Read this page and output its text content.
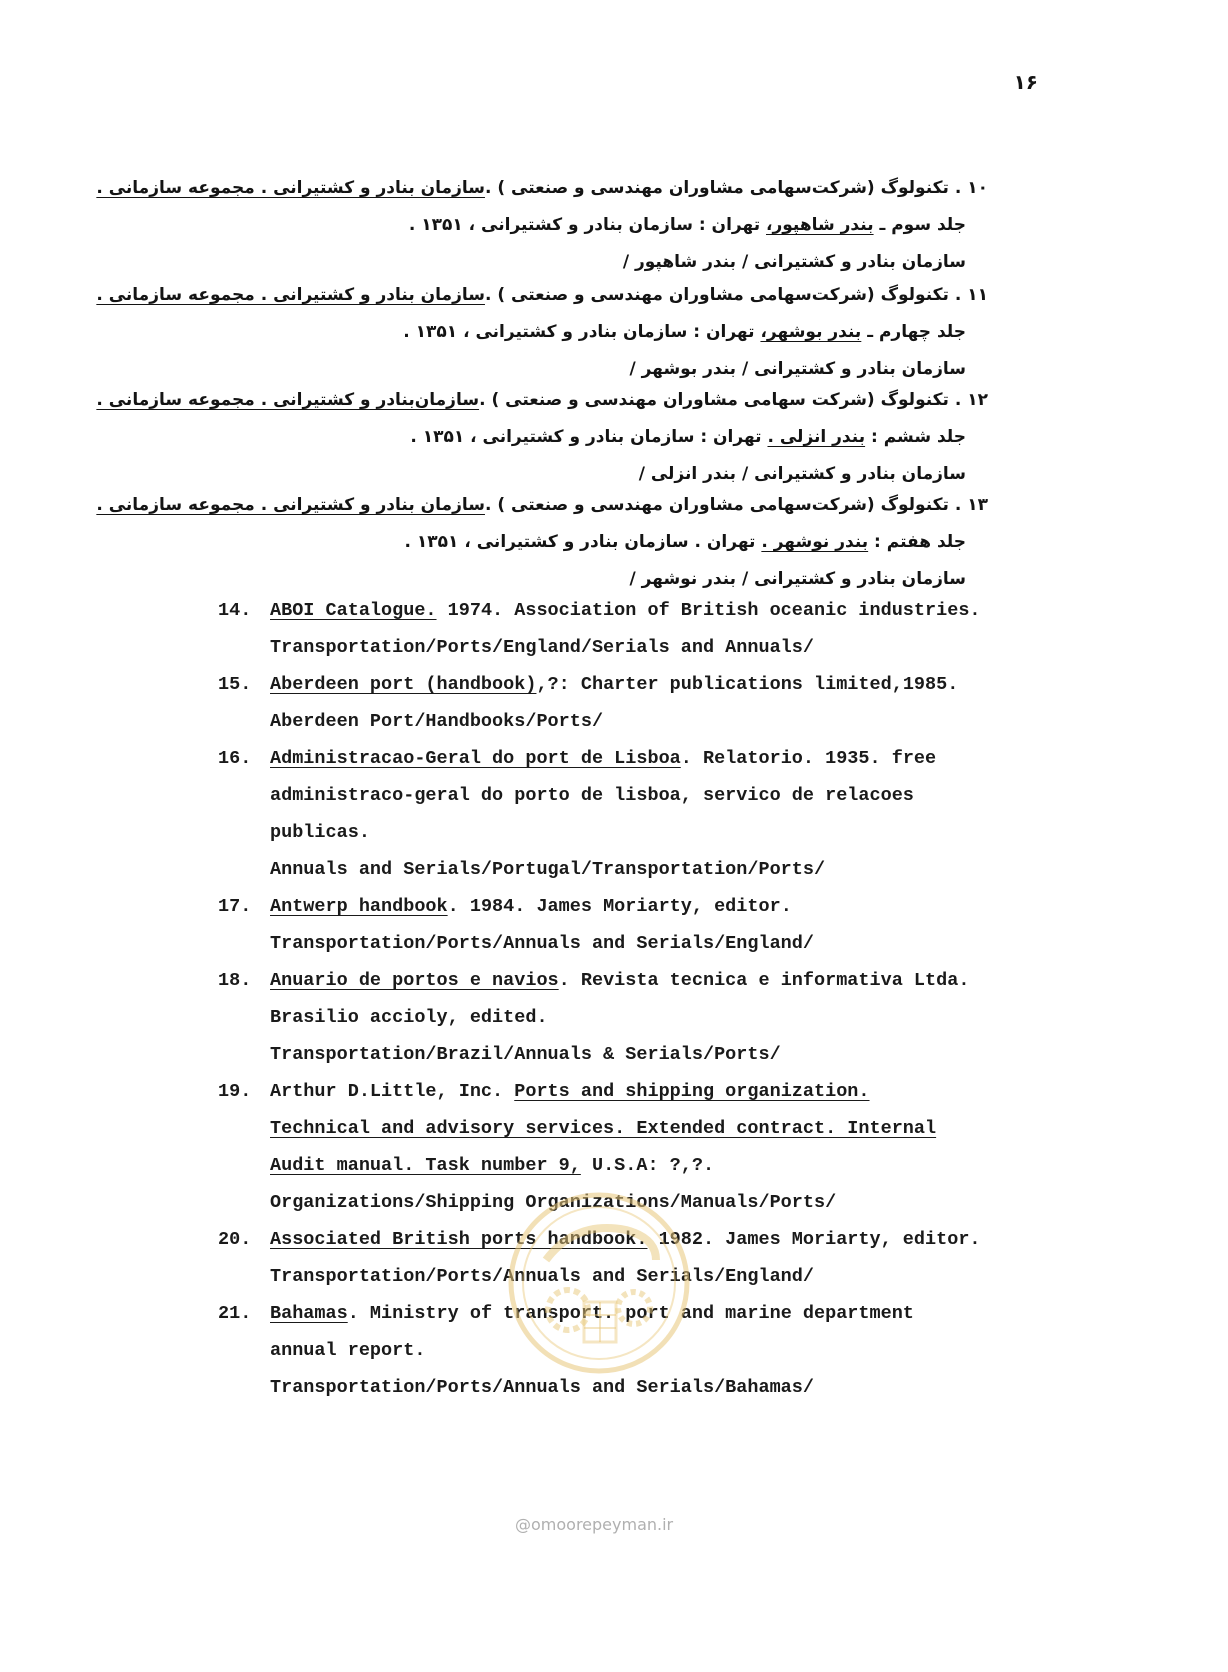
۱۶
۱۰ . تکنولوگ (شرکت‌سهامی مشاوران مهندسی و صنعتی ) .سازمان بنادر و کشتیرانی . مجموعه سازمانی .
جلد سوم ـ بندر شاهپور، تهران : سازمان بنادر و کشتیرانی ، ۱۳۵۱ .
سازمان بنادر و کشتیرانی / بندر شاهپور /
۱۱ . تکنولوگ (شرکت‌سهامی مشاوران مهندسی و صنعتی ) .سازمان بنادر و کشتیرانی . مجموعه سازمانی .
جلد چهارم ـ بندر بوشهر، تهران : سازمان بنادر و کشتیرانی ، ۱۳۵۱ .
سازمان بنادر و کشتیرانی / بندر بوشهر /
۱۲ . تکنولوگ (شرکت سهامی مشاوران مهندسی و صنعتی ) .سازمان‌بنادر و کشتیرانی . مجموعه سازمانی .
جلد ششم : بندر انزلی . تهران : سازمان بنادر و کشتیرانی ، ۱۳۵۱ .
سازمان بنادر و کشتیرانی / بندر انزلی /
۱۳ . تکنولوگ (شرکت‌سهامی مشاوران مهندسی و صنعتی ) .سازمان بنادر و کشتیرانی . مجموعه سازمانی .
جلد هفتم : بندر نوشهر . تهران . سازمان بنادر و کشتیرانی ، ۱۳۵۱ .
سازمان بنادر و کشتیرانی / بندر نوشهر /
14.	ABOI Catalogue. 1974. Association of British oceanic industries.
Transportation/Ports/England/Serials and Annuals/
15.	Aberdeen port (handbook),?: Charter publications limited,1985.
Aberdeen Port/Handbooks/Ports/
16.	Administracao-Geral do port de Lisboa. Relatorio. 1935. free
administraco-geral do porto de lisboa, servico de relacoes
publicas.
Annuals and Serials/Portugal/Transportation/Ports/
17.	Antwerp handbook. 1984. James Moriarty, editor.
Transportation/Ports/Annuals and Serials/England/
18.	Anuario de portos e navios. Revista tecnica e informativa Ltda.
Brasilio accioly, edited.
Transportation/Brazil/Annuals & Serials/Ports/
19.	Arthur D.Little, Inc. Ports and shipping organization.
Technical and advisory services. Extended contract. Internal
Audit manual. Task number 9, U.S.A: ?,?.
Organizations/Shipping Organizations/Manuals/Ports/
20.	Associated British ports handbook. 1982. James Moriarty, editor.
Transportation/Ports/Annuals and Serials/England/
21.	Bahamas. Ministry of transport. port and marine department
annual report.
Transportation/Ports/Annuals and Serials/Bahamas/
@omoorepeyman.ir
